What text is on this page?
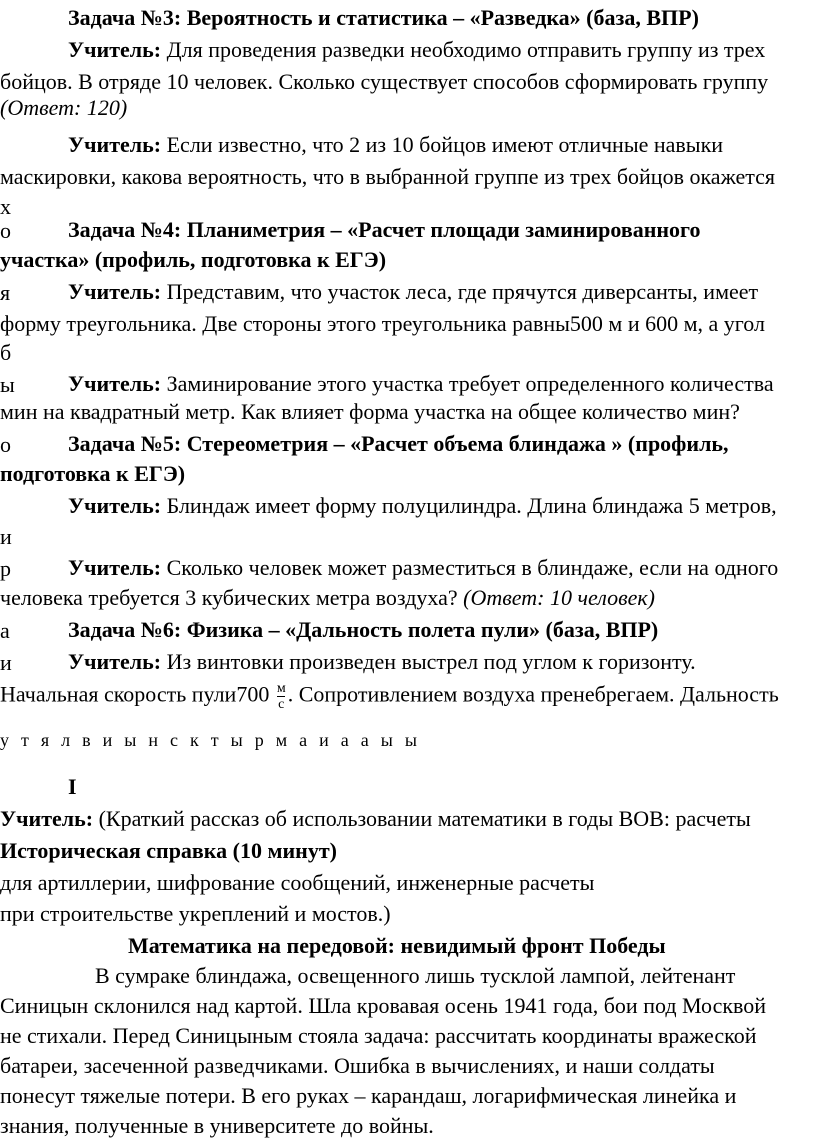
Задача №3: Вероятность и статистика – «Разведка» (база, ВПР)
Учитель: Для проведения разведки необходимо отправить группу из трех
бойцов. В отряде 10 человек. Сколько существует способов сформировать группу
(Ответ: 120)
Учитель: Если известно, что 2 из 10 бойцов имеют отличные навыки
маскировки, какова вероятность, что в выбранной группе из трех бойцов окажется
Задача №4: Планиметрия – «Расчет площади заминированного
участка» (профиль, подготовка к ЕГЭ)
Учитель: Представим, что участок леса, где прячутся диверсанты, имеет
форму треугольника. Две стороны этого треугольника равны500 м и 600 м, а угол
Учитель: Заминирование этого участка требует определенного количества
мин на квадратный метр. Как влияет форма участка на общее количество мин?
Задача №5: Стереометрия – «Расчет объема блиндажа » (профиль,
подготовка к ЕГЭ)
Учитель: Блиндаж имеет форму полуцилиндра. Длина блиндажа 5 метров,
Учитель: Сколько человек может разместиться в блиндаже, если на одного
человека требуется 3 кубических метра воздуха? (Ответ: 10 человек)
Задача №6: Физика – «Дальность полета пули» (база, ВПР)
Учитель: Из винтовки произведен выстрел под углом к горизонту.
Начальная скорость пули700 $\frac{м}{с}$ . Сопротивлением воздуха пренебрегаем. Дальность
у т я л в и ы н с к т ы р м а и а а ы ы
I
Учитель: (Краткий рассказ об использовании математики в годы ВОВ: расчеты
Историческая справка (10 минут)
для артиллерии, шифрование сообщений, инженерные расчеты
при строительстве укреплений и мостов.)
Математика на передовой: невидимый фронт Победы
В сумраке блиндажа, освещенного лишь тусклой лампой, лейтенант
Синицын склонился над картой. Шла кровавая осень 1941 года, бои под Москвой
не стихали. Перед Синицыным стояла задача: рассчитать координаты вражеской
батареи, засеченной разведчиками. Ошибка в вычислениях, и наши солдаты
понесут тяжелые потери. В его руках – карандаш, логарифмическая линейка и
знания, полученные в университете до войны.
х
о
я
б
ы
о
и
р
а
и
